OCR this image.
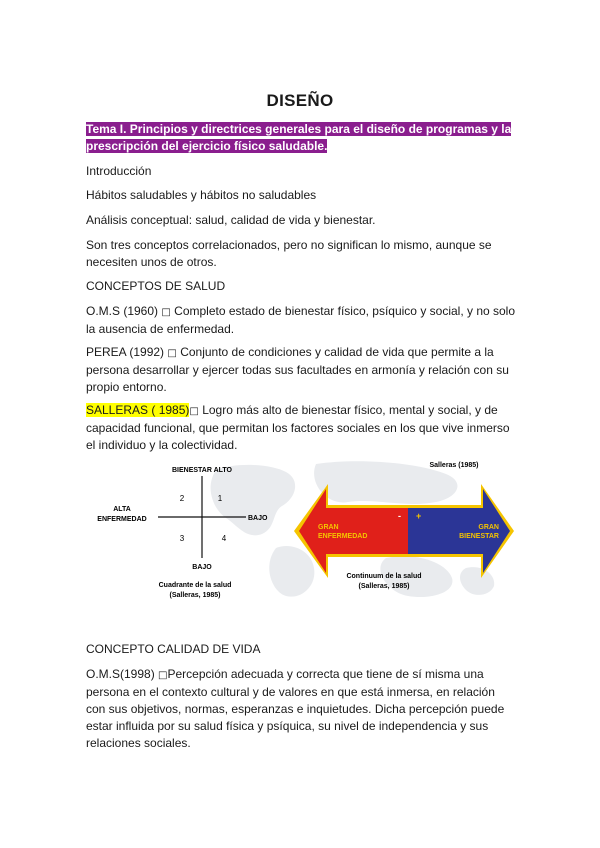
DISEÑO
Tema I. Principios y directrices generales para el diseño de programas y la prescripción del ejercicio físico saludable.

Introducción

Hábitos saludables y hábitos no saludables

Análisis conceptual: salud, calidad de vida y bienestar.

Son tres conceptos correlacionados, pero no significan lo mismo, aunque se necesiten unos de otros.

CONCEPTOS DE SALUD

O.M.S (1960) □ Completo estado de bienestar físico, psíquico y social, y no solo la ausencia de enfermedad.

PEREA (1992) □ Conjunto de condiciones y calidad de vida que permite a la persona desarrollar y ejercer todas sus facultades en armonía y relación con su propio entorno.

SALLERAS ( 1985)□ Logro más alto de bienestar físico, mental y social, y de capacidad funcional, que permitan los factores sociales en los que vive inmerso el individuo y la colectividad.

BIENESTAR ALTO
ALTA
ENFERMEDAD	BAJO
BAJO
1
2
3	4
Cuadrante de la salud
(Salleras, 1985)
Salleras (1985)
GRAN
ENFERMEDAD
- +
GRAN
BIENESTAR
Continuum de la salud
(Salleras, 1985)

CONCEPTO CALIDAD DE VIDA

O.M.S(1998) □Percepción adecuada y correcta que tiene de sí misma una persona en el contexto cultural y de valores en que está inmersa, en relación con sus objetivos, normas, esperanzas e inquietudes. Dicha percepción puede estar influida por su salud física y psíquica, su nivel de independencia y sus relaciones sociales.
